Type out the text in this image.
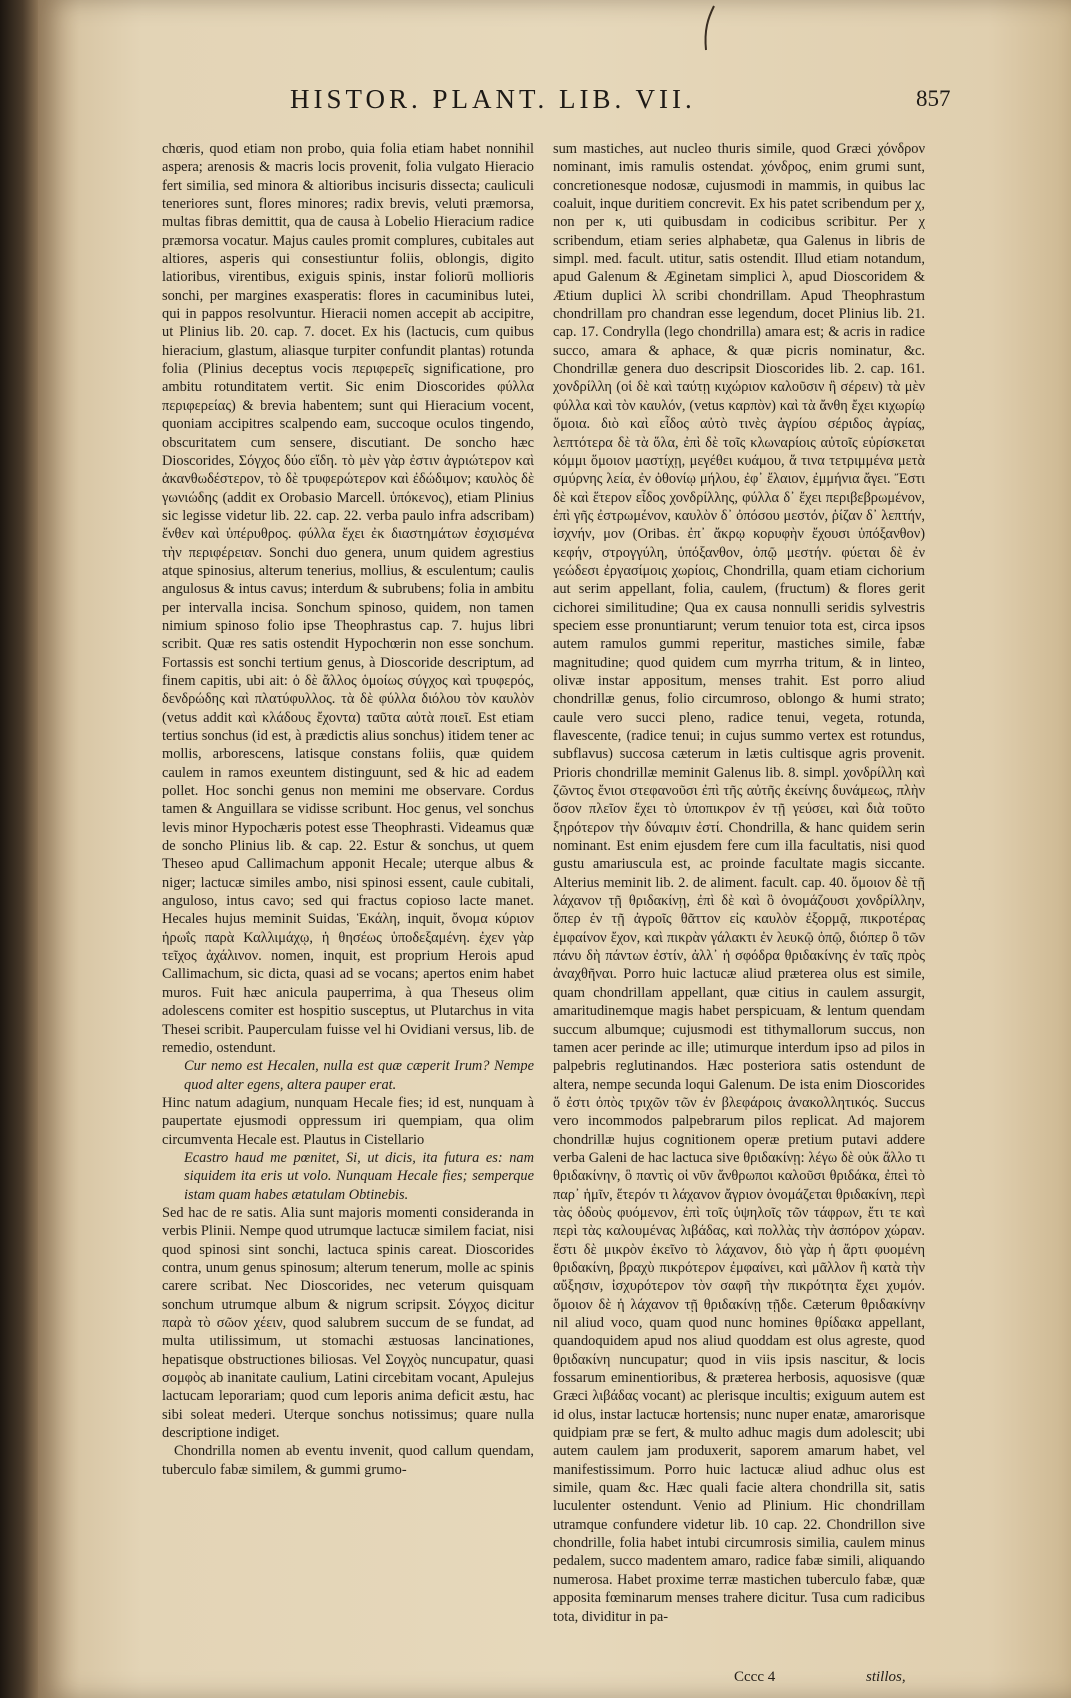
HISTOR. PLANT. LIB. VII.	857

chœris, quod etiam non probo, quia folia etiam habet nonnihil aspera; arenosis & macris locis provenit, folia vulgato Hieracio fert similia, sed minora & altioribus incisuris dissecta; cauliculi teneriores sunt, flores minores; radix brevis, veluti præmorsa, multas fibras demittit, qua de causa à Lobelio Hieracium radice præmorsa vocatur. Majus caules promit complures, cubitales aut altiores, asperis qui consestiuntur foliis, oblongis, digito latioribus, virentibus, exiguis spinis, instar foliorū mollioris sonchi, per margines exasperatis: flores in cacuminibus lutei, qui in pappos resolvuntur. Hieracii nomen accepit ab accipitre, ut Plinius lib. 20. cap. 7. docet. Ex his (lactucis, cum quibus hieracium, glastum, aliasque turpiter confundit plantas) rotunda folia (Plinius deceptus vocis περιφερεῖς significatione, pro ambitu rotunditatem vertit. Sic enim Dioscorides φύλλα περιφερείας) & brevia habentem; sunt qui Hieracium vocent, quoniam accipitres scalpendo eam, succoque oculos tingendo, obscuritatem cum sensere, discutiant. De soncho hæc Dioscorides, Σόγχος δύο εἴδη. τὸ μὲν γὰρ ἐστιν ἀγριώτερον καὶ ἀκανθωδέστερον, τὸ δὲ τρυφερώτερον καὶ ἐδώδιμον; καυλὸς δὲ γωνιώδης (addit ex Orobasio Marcell. ὑπόκενος), etiam Plinius sic legisse videtur lib. 22. cap. 22. verba paulo infra adscribam) ἔνθεν καὶ ὑπέρυθρος. φύλλα ἔχει ἐκ διαστημάτων ἐσχισμένα τὴν περιφέρειαν. Sonchi duo genera, unum quidem agrestius atque spinosius, alterum tenerius, mollius, & esculentum; caulis angulosus & intus cavus; interdum & subrubens; folia in ambitu per intervalla incisa. Sonchum spinoso, quidem, non tamen nimium spinoso folio ipse Theophrastus cap. 7. hujus libri scribit. Quæ res satis ostendit Hypochœrin non esse sonchum. Fortassis est sonchi tertium genus, à Dioscoride descriptum, ad finem capitis, ubi ait: ὁ δὲ ἄλλος ὁμοίως σύγχος καὶ τρυφερός, δενδρώδης καὶ πλατύφυλλος. τὰ δὲ φύλλα διόλου τὸν καυλὸν (vetus addit καὶ κλάδους ἔχοντα) ταῦτα αὐτὰ ποιεῖ. Est etiam tertius sonchus (id est, à prædictis alius sonchus) itidem tener ac mollis, arborescens, latisque constans foliis, quæ quidem caulem in ramos exeuntem distinguunt, sed & hic ad eadem pollet. Hoc sonchi genus non memini me observare. Cordus tamen & Anguillara se vidisse scribunt. Hoc genus, vel sonchus levis minor Hypochæris potest esse Theophrasti. Videamus quæ de soncho Plinius lib. & cap. 22. Estur & sonchus, ut quem Theseo apud Callimachum apponit Hecale; uterque albus & niger; lactucæ similes ambo, nisi spinosi essent, caule cubitali, anguloso, intus cavo; sed qui fractus copioso lacte manet. Hecales hujus meminit Suidas, Ἑκάλη, inquit, ὄνομα κύριον ἡρωΐς παρὰ Καλλιμάχῳ, ἡ θησέως ὑποδεξαμένη. ἐχεν γὰρ τεῖχος ἀχάλινον. nomen, inquit, est proprium Herois apud Callimachum, sic dicta, quasi ad se vocans; apertos enim habet muros. Fuit hæc anicula pauperrima, à qua Theseus olim adolescens comiter est hospitio susceptus, ut Plutarchus in vita Thesei scribit. Pauperculam fuisse vel hi Ovidiani versus, lib. de remedio, ostendunt.

Cur nemo est Hecalen, nulla est quæ cæperit Irum? Nempe quod alter egens, altera pauper erat.

Hinc natum adagium, nunquam Hecale fies; id est, nunquam à paupertate ejusmodi oppressum iri quempiam, qua olim circumventa Hecale est. Plautus in Cistellario

Ecastro haud me pœnitet, Si, ut dicis, ita futura es: nam siquidem ita eris ut volo. Nunquam Hecale fies; semperque istam quam habes ætatulam Obtinebis.

Sed hac de re satis. Alia sunt majoris momenti consideranda in verbis Plinii. Nempe quod utrumque lactucæ similem faciat, nisi quod spinosi sint sonchi, lactuca spinis careat. Dioscorides contra, unum genus spinosum; alterum tenerum, molle ac spinis carere scribat. Nec Dioscorides, nec veterum quisquam sonchum utrumque album & nigrum scripsit. Σόγχος dicitur παρὰ τὸ σῶον χέειν, quod salubrem succum de se fundat, ad multa utilissimum, ut stomachi æstuosas lancinationes, hepatisque obstructiones biliosas. Vel Σογχὸς nuncupatur, quasi σομφὸς ab inanitate caulium, Latini circebitam vocant, Apulejus lactucam leporariam; quod cum leporis anima deficit æstu, hac sibi soleat mederi. Uterque sonchus notissimus; quare nulla descriptione indiget.

Chondrilla nomen ab eventu invenit, quod callum quendam, tuberculo fabæ similem, & gummi grumo-

sum mastiches, aut nucleo thuris simile, quod Græci χόνδρον nominant, imis ramulis ostendat. χόνδρος, enim grumi sunt, concretionesque nodosæ, cujusmodi in mammis, in quibus lac coaluit, inque duritiem concrevit. Ex his patet scribendum per χ, non per κ, uti quibusdam in codicibus scribitur. Per χ scribendum, etiam series alphabetæ, qua Galenus in libris de simpl. med. facult. utitur, satis ostendit. Illud etiam notandum, apud Galenum & Æginetam simplici λ, apud Dioscoridem & Ætium duplici λλ scribi chondrillam. Apud Theophrastum chondrillam pro chandran esse legendum, docet Plinius lib. 21. cap. 17. Condrylla (lego chondrilla) amara est; & acris in radice succo, amara & aphace, & quæ picris nominatur, &c. Chondrillæ genera duo descripsit Dioscorides lib. 2. cap. 161. χονδρίλλη (οἱ δὲ καὶ ταύτῃ κιχώριον καλοῦσιν ἢ σέρειν) τὰ μὲν φύλλα καὶ τὸν καυλόν, (vetus καρπὸν) καὶ τὰ ἄνθη ἔχει κιχωρίῳ ὅμοια. διὸ καὶ εἶδος αὐτὸ τινὲς ἀγρίου σέριδος ἀγρίας, λεπτότερα δὲ τὰ ὅλα, ἐπὶ δὲ τοῖς κλωναρίοις αὐτοῖς εὑρίσκεται κόμμι ὅμοιον μαστίχῃ, μεγέθει κυάμου, ἅ τινα τετριμμένα μετὰ σμύρνης λεία, ἐν ὀθονίῳ μήλου, ἐφ᾿ ἔλαιον, ἐμμήνια ἄγει. Ἔστι δὲ καὶ ἕτερον εἶδος χονδρίλλης, φύλλα δ᾿ ἔχει περιβεβρωμένον, ἐπὶ γῆς ἐστρωμένον, καυλὸν δ᾿ ὀπόσου μεστόν, ῥίζαν δ᾿ λεπτήν, ἰσχνήν, μον (Oribas. ἐπ᾿ ἄκρῳ κορυφὴν ἔχουσι ὑπόξανθον) κεφήν, στρογγύλη, ὑπόξανθον, ὀπῷ μεστήν. φύεται δὲ ἐν γεώδεσι ἐργασίμοις χωρίοις, Chondrilla, quam etiam cichorium aut serim appellant, folia, caulem, (fructum) & flores gerit cichorei similitudine; Qua ex causa nonnulli seridis sylvestris speciem esse pronuntiarunt; verum tenuior tota est, circa ipsos autem ramulos gummi reperitur, mastiches simile, fabæ magnitudine; quod quidem cum myrrha tritum, & in linteo, olivæ instar appositum, menses trahit. Est porro aliud chondrillæ genus, folio circumroso, oblongo & humi strato; caule vero succi pleno, radice tenui, vegeta, rotunda, flavescente, (radice tenui; in cujus summo vertex est rotundus, subflavus) succosa cæterum in lætis cultisque agris provenit. Prioris chondrillæ meminit Galenus lib. 8. simpl. χονδρίλλη καὶ ζῶντος ἔνιοι στεφανοῦσι ἐπὶ τῆς αὐτῆς ἐκείνης δυνάμεως, πλὴν ὅσον πλεῖον ἔχει τὸ ὑποπικρον ἐν τῇ γεύσει, καὶ διὰ τοῦτο ξηρότερον τὴν δύναμιν ἐστί. Chondrilla, & hanc quidem serin nominant. Est enim ejusdem fere cum illa facultatis, nisi quod gustu amariuscula est, ac proinde facultate magis siccante. Alterius meminit lib. 2. de aliment. facult. cap. 40. ὅμοιον δὲ τῇ λάχανον τῇ θριδακίνῃ, ἐπὶ δὲ καὶ ὃ ὀνομάζουσι χονδρίλλην, ὅπερ ἐν τῇ ἀγροῖς θᾶττον εἰς καυλὸν ἐξορμᾷ, πικροτέρας ἐμφαίνον ἔχον, καὶ πικρὰν γάλακτι ἐν λευκῷ ὀπῷ, διόπερ ὃ τῶν πάνυ δὴ πάντων ἐστίν, ἀλλ᾿ ἡ σφόδρα θριδακίνης ἐν ταῖς πρὸς ἀναχθῆναι. Porro huic lactucæ aliud præterea olus est simile, quam chondrillam appellant, quæ citius in caulem assurgit, amaritudinemque magis habet perspicuam, & lentum quendam succum albumque; cujusmodi est tithymallorum succus, non tamen acer perinde ac ille; utimurque interdum ipso ad pilos in palpebris reglutinandos. Hæc posteriora satis ostendunt de altera, nempe secunda loqui Galenum. De ista enim Dioscorides ὅ ἐστι ὀπὸς τριχῶν τῶν ἐν βλεφάροις ἀνακολλητικός. Succus vero incommodos palpebrarum pilos replicat. Ad majorem chondrillæ hujus cognitionem operæ pretium putavi addere verba Galeni de hac lactuca sive θριδακίνῃ: λέγω δὲ οὐκ ἄλλο τι θριδακίνην, ὃ παντὶς οἱ νῦν ἄνθρωποι καλοῦσι θριδάκα, ἐπεὶ τὸ παρ᾿ ἡμῖν, ἕτερόν τι λάχανον ἄγριον ὀνομάζεται θριδακίνη, περὶ τὰς ὁδοὺς φυόμενον, ἐπὶ τοῖς ὑψηλοῖς τῶν τάφρων, ἔτι τε καὶ περὶ τὰς καλουμένας λιβάδας, καὶ πολλὰς τὴν ἀσπόρον χώραν. ἔστι δὲ μικρὸν ἐκεῖνο τὸ λάχανον, διὸ γὰρ ἡ ἄρτι φυομένη θριδακίνη, βραχὺ πικρότερον ἐμφαίνει, καὶ μᾶλλον ἢ κατὰ τὴν αὔξησιν, ἰσχυρότερον τὸν σαφῆ τὴν πικρότητα ἔχει χυμόν. ὅμοιον δὲ ἡ λάχανον τῇ θριδακίνῃ τῇδε. Cæterum θριδακίνην nil aliud voco, quam quod nunc homines θρίδακα appellant, quandoquidem apud nos aliud quoddam est olus agreste, quod θριδακίνη nuncupatur; quod in viis ipsis nascitur, & locis fossarum eminentioribus, & præterea herbosis, aquosisve (quæ Græci λιβάδας vocant) ac plerisque incultis; exiguum autem est id olus, instar lactucæ hortensis; nunc nuper enatæ, amarorisque quidpiam præ se fert, & multo adhuc magis dum adolescit; ubi autem caulem jam produxerit, saporem amarum habet, vel manifestissimum. Porro huic lactucæ aliud adhuc olus est simile, quam &c. Hæc quali facie altera chondrilla sit, satis luculenter ostendunt. Venio ad Plinium. Hic chondrillam utramque confundere videtur lib. 10 cap. 22. Chondrillon sive chondrille, folia habet intubi circumrosis similia, caulem minus pedalem, succo madentem amaro, radice fabæ simili, aliquando numerosa. Habet proxime terræ mastichen tuberculo fabæ, quæ apposita fœminarum menses trahere dicitur. Tusa cum radicibus tota, dividitur in pa-

Cccc 4	stillos,
